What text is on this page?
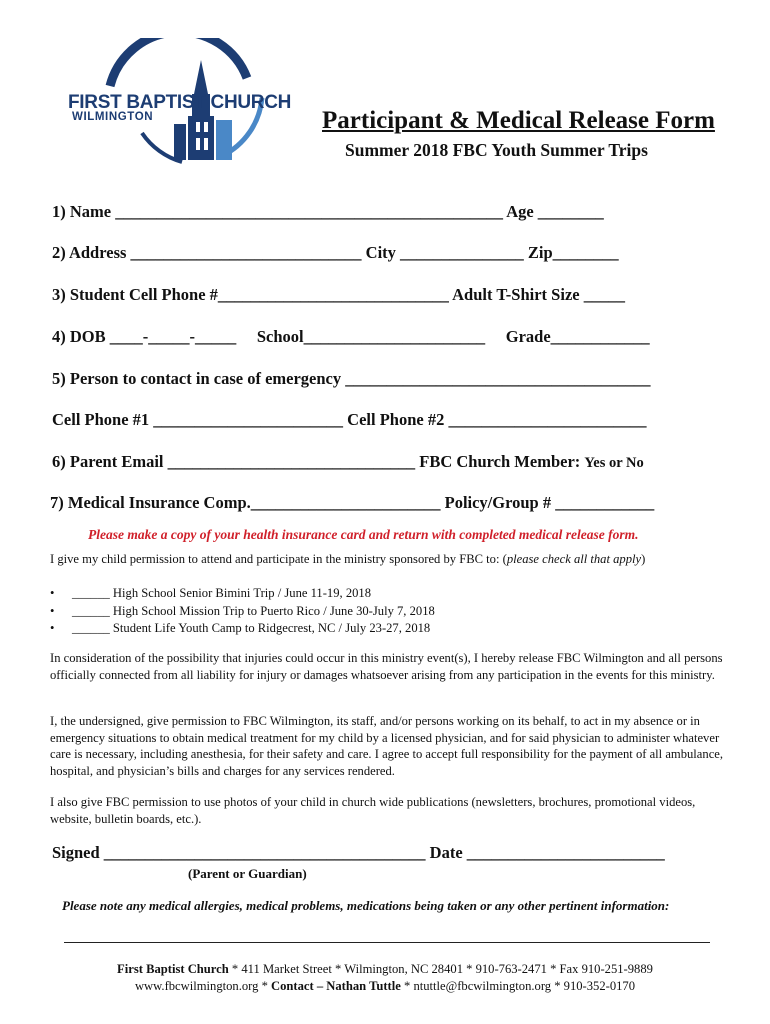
FIRST BAPTIST CHURCH
WILMINGTON	Participant & Medical Release Form
Summer 2018 FBC Youth Summer Trips
1) Name _______________________________________________ Age ________
2) Address ____________________________ City _______________ Zip________
3) Student Cell Phone #____________________________ Adult T-Shirt Size _____
4) DOB ____-_____-_____     School______________________     Grade____________
5) Person to contact in case of emergency _____________________________________
Cell Phone #1 _______________________ Cell Phone #2 ________________________
6) Parent Email ______________________________ FBC Church Member: Yes or No
7) Medical Insurance Comp._______________________ Policy/Group # ____________
Please make a copy of your health insurance card and return with completed medical release form.
I give my child permission to attend and participate in the ministry sponsored by FBC to: (please check all that apply)
• ______ High School Senior Bimini Trip / June 11-19, 2018
• ______ High School Mission Trip to Puerto Rico / June 30-July 7, 2018
• ______ Student Life Youth Camp to Ridgecrest, NC / July 23-27, 2018
In consideration of the possibility that injuries could occur in this ministry event(s), I hereby release FBC Wilmington and all persons officially connected from all liability for injury or damages whatsoever arising from any participation in the events for this ministry.
I, the undersigned, give permission to FBC Wilmington, its staff, and/or persons working on its behalf, to act in my absence or in emergency situations to obtain medical treatment for my child by a licensed physician, and for said physician to administer whatever care is necessary, including anesthesia, for their safety and care. I agree to accept full responsibility for the payment of all ambulance, hospital, and physician’s bills and charges for any services rendered.
I also give FBC permission to use photos of your child in church wide publications (newsletters, brochures, promotional videos, website, bulletin boards, etc.).
Signed _______________________________________ Date ________________________
(Parent or Guardian)
Please note any medical allergies, medical problems, medications being taken or any other pertinent information:
First Baptist Church * 411 Market Street * Wilmington, NC 28401 * 910-763-2471 * Fax 910-251-9889
www.fbcwilmington.org * Contact – Nathan Tuttle * ntuttle@fbcwilmington.org * 910-352-0170
